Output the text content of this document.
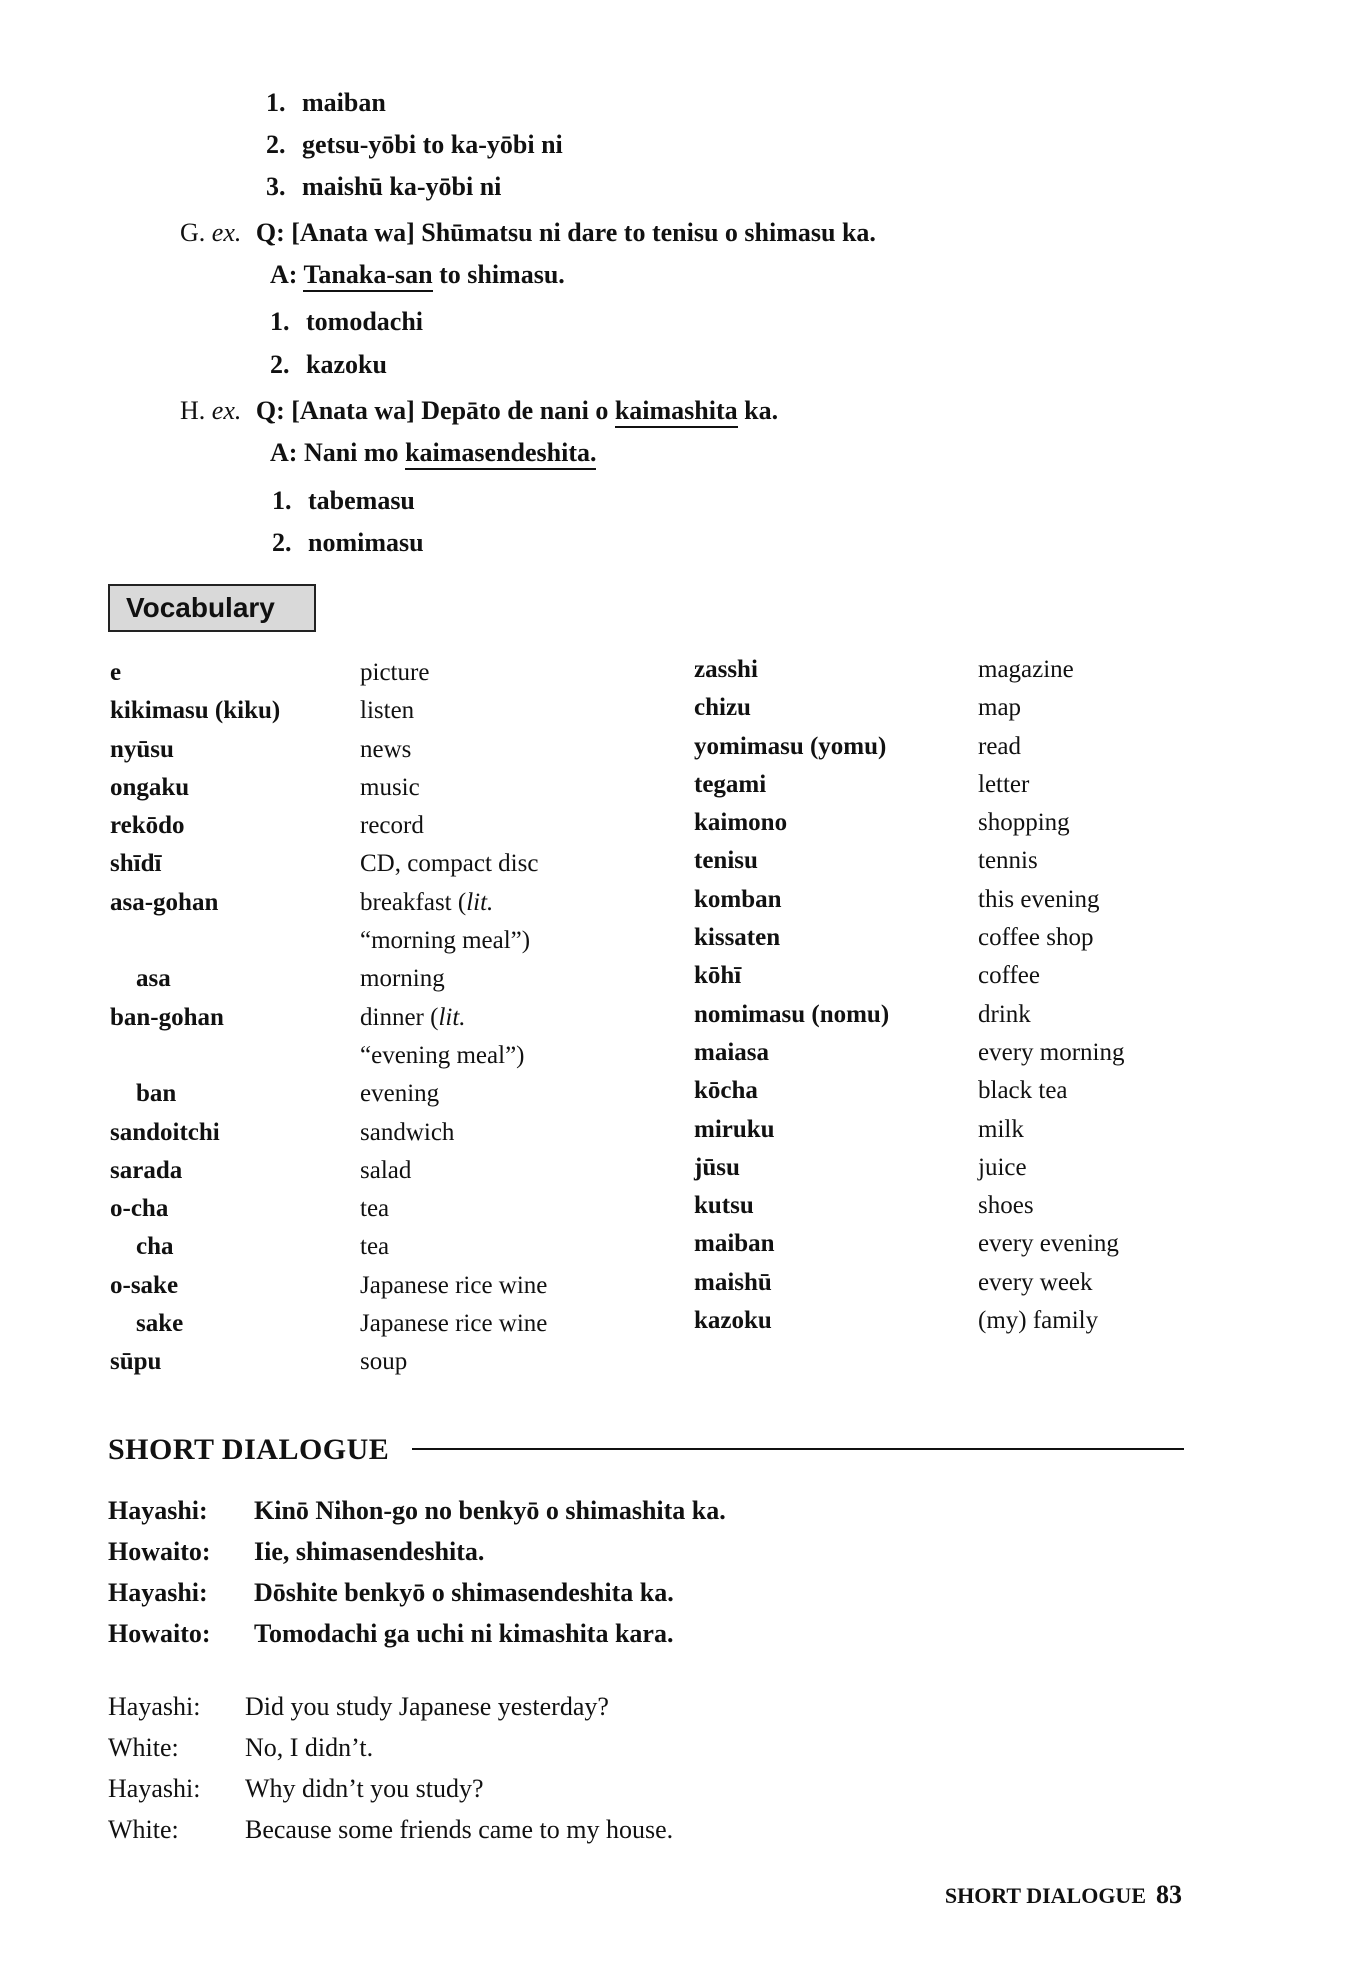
1. maiban
2. getsu-yōbi to ka-yōbi ni
3. maishū ka-yōbi ni
G. ex. Q: [Anata wa] Shūmatsu ni dare to tenisu o shimasu ka.
A: Tanaka-san to shimasu.
1. tomodachi
2. kazoku
H. ex. Q: [Anata wa] Depāto de nani o kaimashita ka.
A: Nani mo kaimasendeshita.
1. tabemasu
2. nomimasu
Vocabulary
e
kikimasu (kiku)
nyūsu
ongaku
rekōdo
shīdī
asa-gohan
asa
ban-gohan
ban
sandoitchi
sarada
o-cha
cha
o-sake
sake
sūpu
picture
listen
news
music
record
CD, compact disc
breakfast (lit.
“morning meal”)
morning
dinner (lit.
“evening meal”)
evening
sandwich
salad
tea
tea
Japanese rice wine
Japanese rice wine
soup
zasshi
chizu
yomimasu (yomu)
tegami
kaimono
tenisu
komban
kissaten
kōhī
nomimasu (nomu)
maiasa
kōcha
miruku
jūsu
kutsu
maiban
maishū
kazoku
magazine
map
read
letter
shopping
tennis
this evening
coffee shop
coffee
drink
every morning
black tea
milk
juice
shoes
every evening
every week
(my) family
SHORT DIALOGUE
Hayashi: Kinō Nihon-go no benkyō o shimashita ka.
Howaito: Iie, shimasendeshita.
Hayashi: Dōshite benkyō o shimasendeshita ka.
Howaito: Tomodachi ga uchi ni kimashita kara.
Hayashi: Did you study Japanese yesterday?
White:	No, I didn’t.
Hayashi: Why didn’t you study?
White:	Because some friends came to my house.
SHORT DIALOGUE 83
